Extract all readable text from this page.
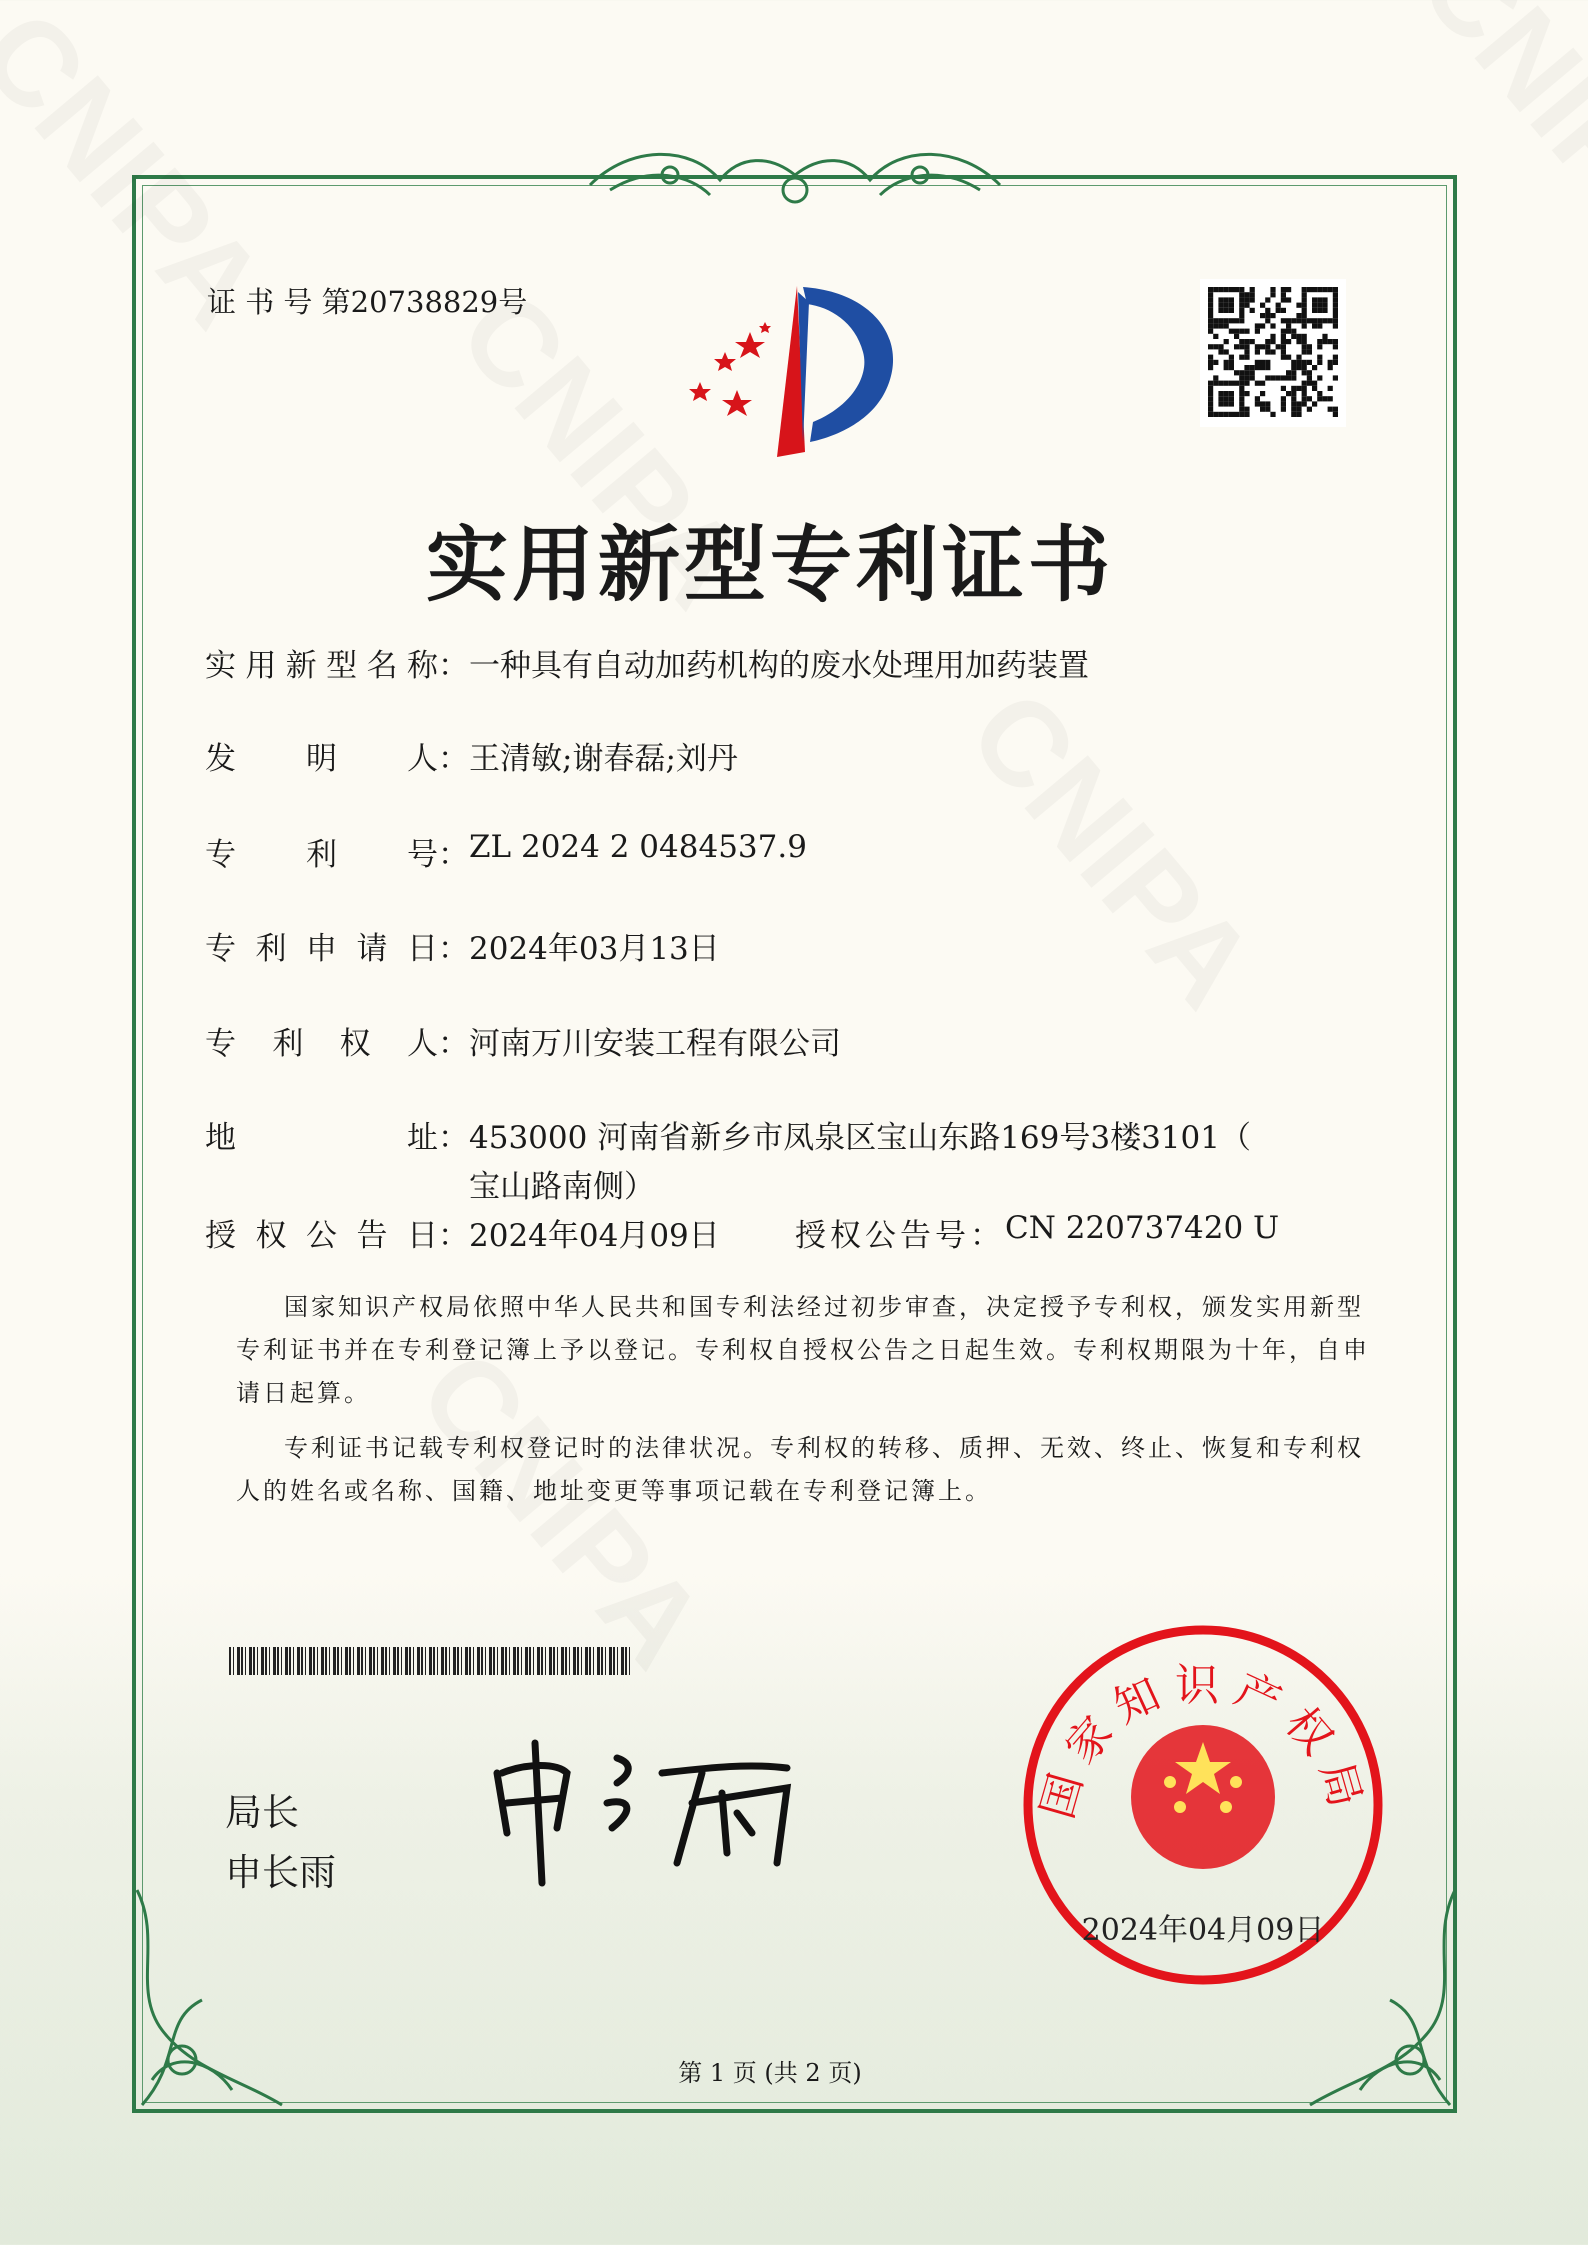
证 书 号 第20738829号
实用新型专利证书
实 用 新 型 名 称 ： 一种具有自动加药机构的废水处理用加药装置
发 明 人 ： 王清敏;谢春磊;刘丹
专 利 号 ： ZL 2024 2 0484537.9
专 利 申 请 日 ： 2024年03月13日
专 利 权 人 ： 河南万川安装工程有限公司
地	址 ： 453000 河南省新乡市凤泉区宝山东路169号3楼3101（
宝山路南侧）
授 权 公 告 日 ： 2024年04月09日 授权公告号： CN 220737420 U

国家知识产权局依照中华人民共和国专利法经过初步审查，决定授予专利权，颁发实用新型专利证书并在专利登记簿上予以登记。专利权自授权公告之日起生效。专利权期限为十年，自申请日起算。

专利证书记载专利权登记时的法律状况。专利权的转移、质押、无效、终止、恢复和专利权人的姓名或名称、国籍、地址变更等事项记载在专利登记簿上。

局长
申长雨
国家知识产权局
2024年04月09日
第 1 页 (共 2 页)
